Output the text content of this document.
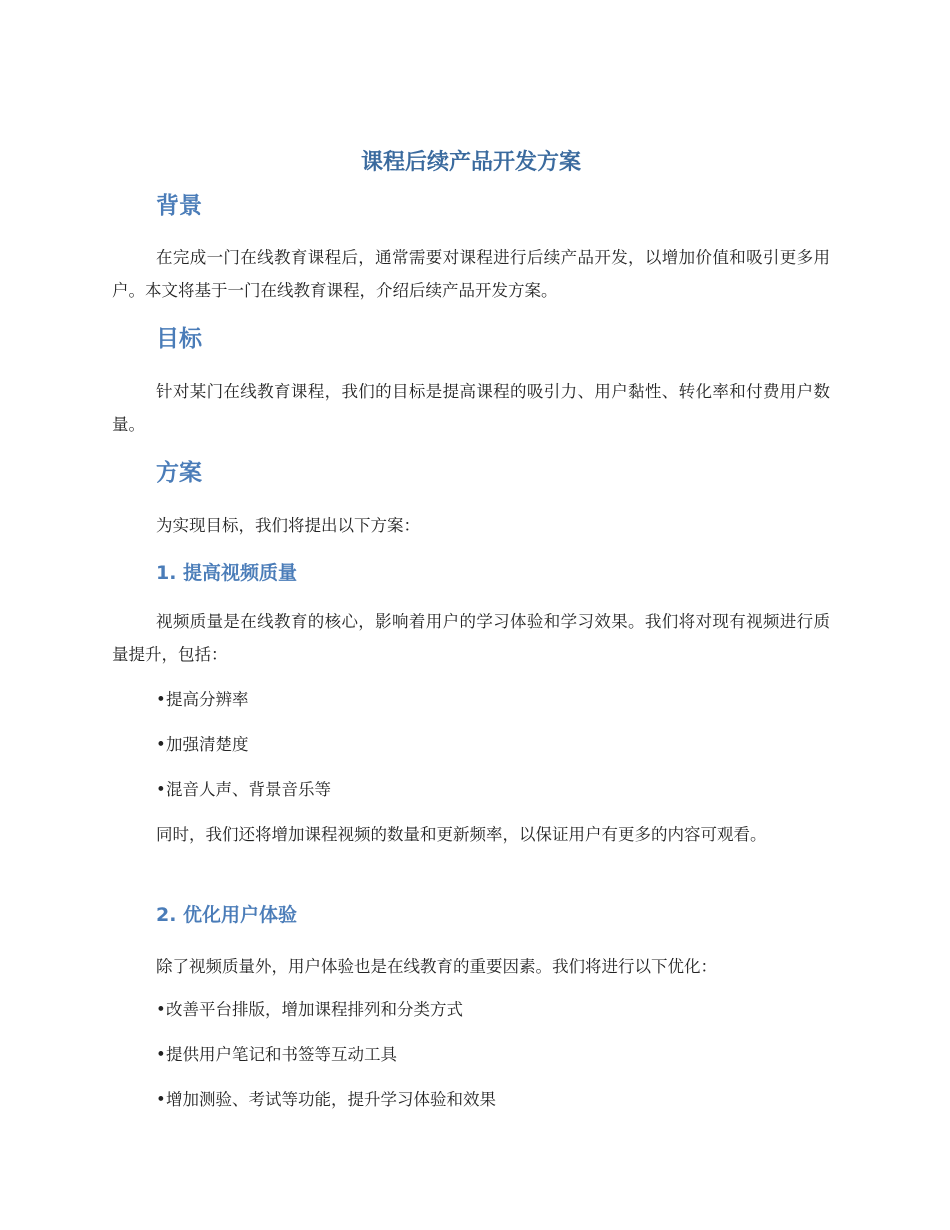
课程后续产品开发方案
背景

在完成一门在线教育课程后，通常需要对课程进行后续产品开发，以增加价值和吸引更多用户。本文将基于一门在线教育课程，介绍后续产品开发方案。

目标

针对某门在线教育课程，我们的目标是提高课程的吸引力、用户黏性、转化率和付费用户数量。

方案

为实现目标，我们将提出以下方案：

1. 提高视频质量

视频质量是在线教育的核心，影响着用户的学习体验和学习效果。我们将对现有视频进行质量提升，包括：

•提高分辨率

•加强清楚度

•混音人声、背景音乐等

同时，我们还将增加课程视频的数量和更新频率，以保证用户有更多的内容可观看。

2. 优化用户体验

除了视频质量外，用户体验也是在线教育的重要因素。我们将进行以下优化：

•改善平台排版，增加课程排列和分类方式

•提供用户笔记和书签等互动工具

•增加测验、考试等功能，提升学习体验和效果
